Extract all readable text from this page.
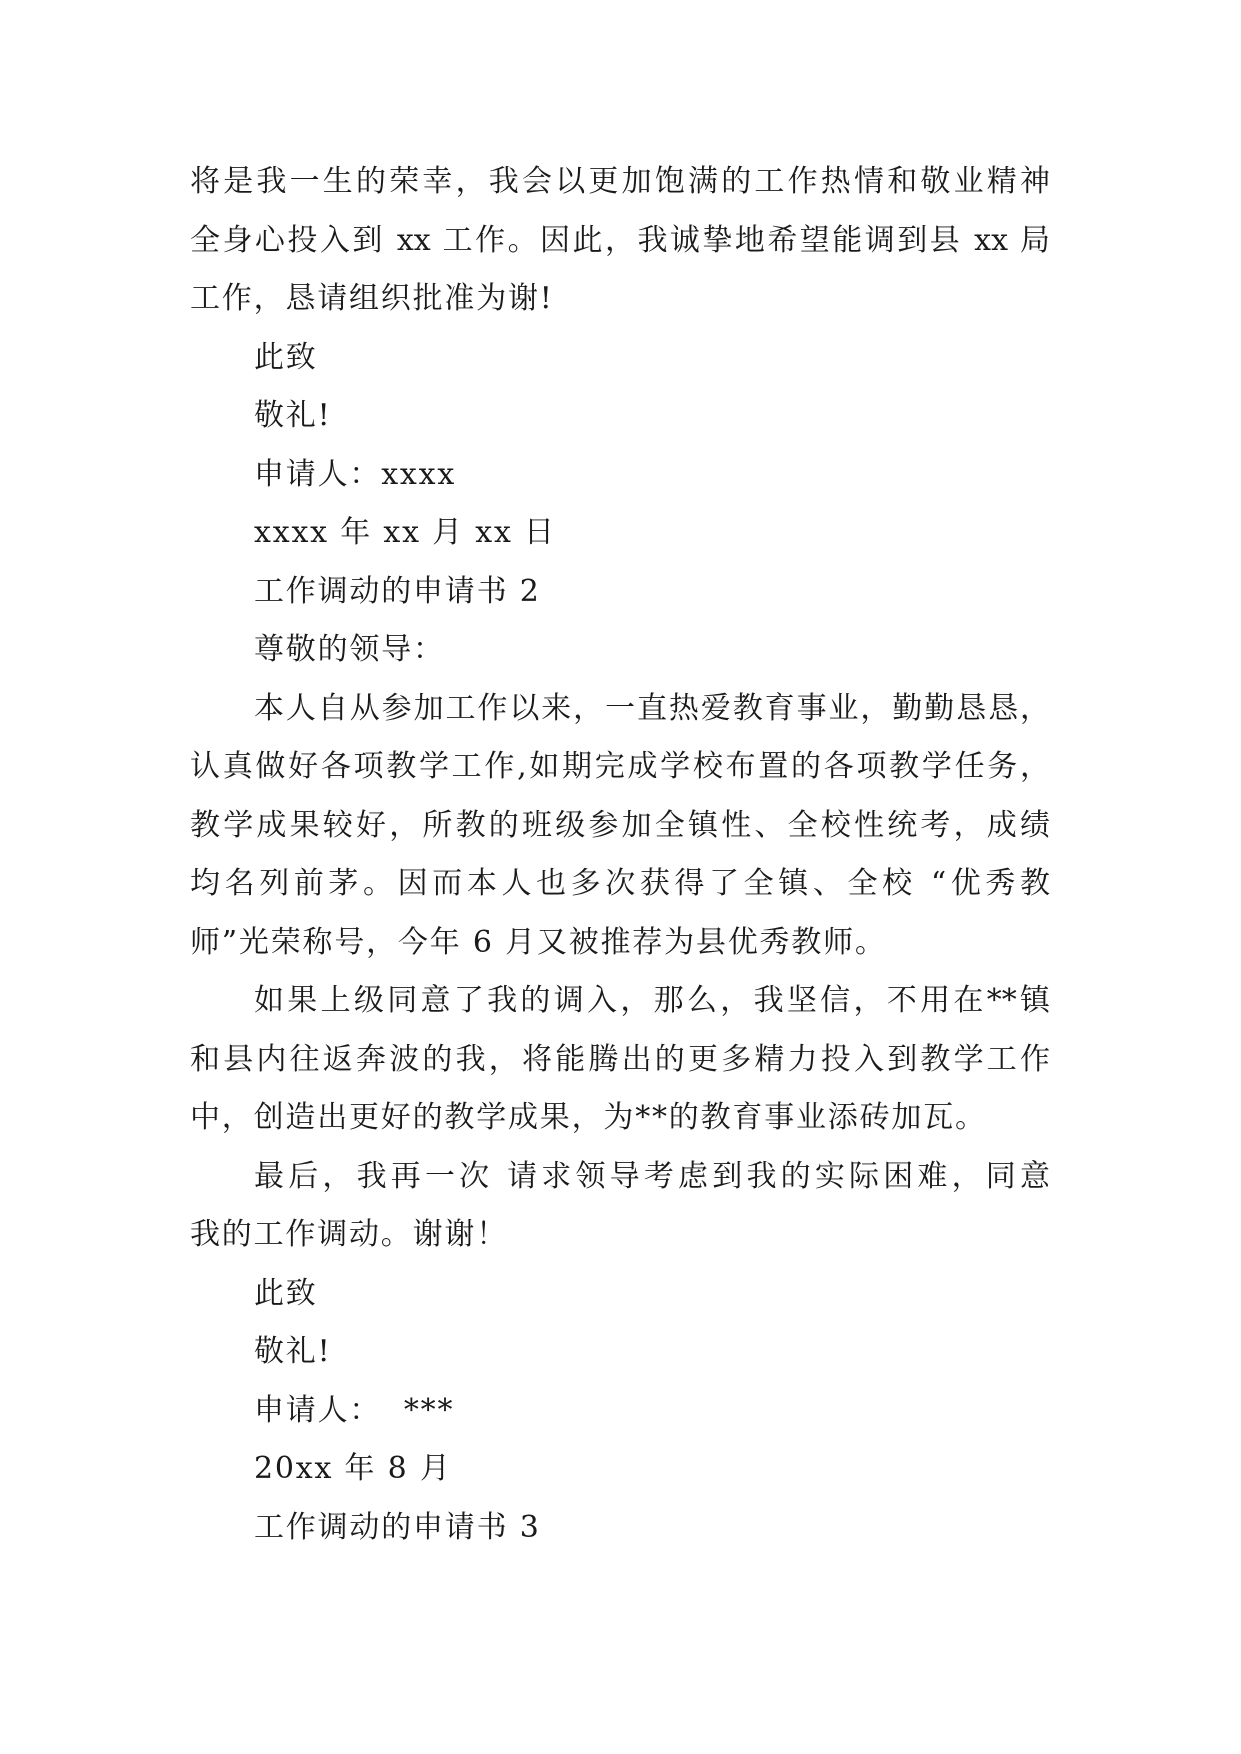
将是我一生的荣幸，我会以更加饱满的工作热情和敬业精神
全身心投入到 xx 工作。因此，我诚挚地希望能调到县 xx 局
工作，恳请组织批准为谢!
此致
敬礼!
申请人：xxxx
xxxx 年 xx 月 xx 日
工作调动的申请书 2
尊敬的领导：
本人自从参加工作以来，一直热爱教育事业，勤勤恳恳，
认真做好各项教学工作,如期完成学校布置的各项教学任务，
教学成果较好，所教的班级参加全镇性、全校性统考，成绩
均名列前茅。因而本人也多次获得了全镇、全校 “优秀教
师”光荣称号，今年 6 月又被推荐为县优秀教师。
如果上级同意了我的调入，那么，我坚信，不用在**镇
和县内往返奔波的我，将能腾出的更多精力投入到教学工作
中，创造出更好的教学成果，为**的教育事业添砖加瓦。
最后，我再一次 请求领导考虑到我的实际困难，同意
我的工作调动。谢谢！
此致
敬礼!
申请人：  ***
20xx 年 8 月
工作调动的申请书 3
